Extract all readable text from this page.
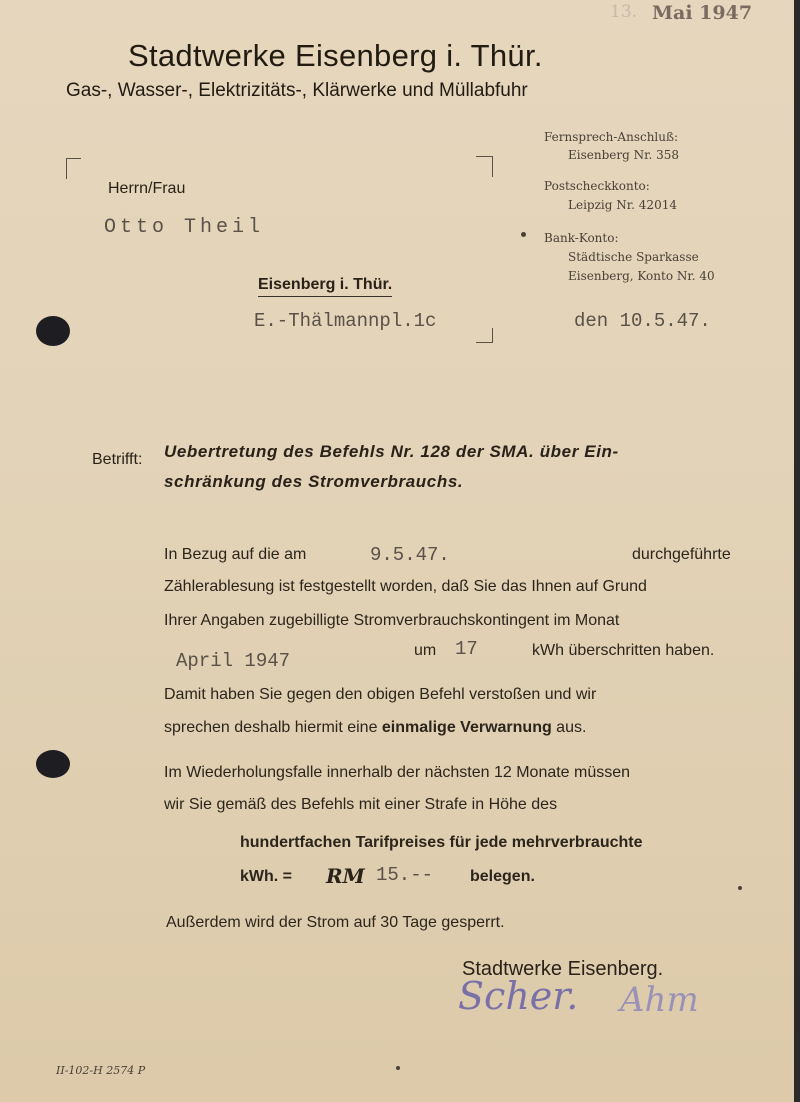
13. Mai 1947
Stadtwerke Eisenberg i. Thür.
Gas-, Wasser-, Elektrizitäts-, Klärwerke und Müllabfuhr
Fernsprech-Anschluß:
Eisenberg Nr. 358
Postscheckkonto:
Leipzig Nr. 42014
Bank-Konto:
Städtische Sparkasse
Eisenberg, Konto Nr. 40
Herrn/Frau
Otto Theil
Eisenberg i. Thür.
E.-Thälmannpl.1c	den 10.5.47.
Betrifft: Uebertretung des Befehls Nr. 128 der SMA. über Ein-
schränkung des Stromverbrauchs.
In Bezug auf die am	9.5.47.	durchgeführte
Zählerablesung ist festgestellt worden, daß Sie das Ihnen auf Grund
Ihrer Angaben zugebilligte Stromverbrauchskontingent im Monat
April 1947	um 17	kWh überschritten haben.
Damit haben Sie gegen den obigen Befehl verstoßen und wir
sprechen deshalb hiermit eine einmalige Verwarnung aus.
Im Wiederholungsfalle innerhalb der nächsten 12 Monate müssen
wir Sie gemäß des Befehls mit einer Strafe in Höhe des
hundertfachen Tarifpreises für jede mehrverbrauchte
kWh. = RM 15.-- belegen.
Außerdem wird der Strom auf 30 Tage gesperrt.
Stadtwerke Eisenberg.
Scher. Ahm
II-102-H 2574 P
